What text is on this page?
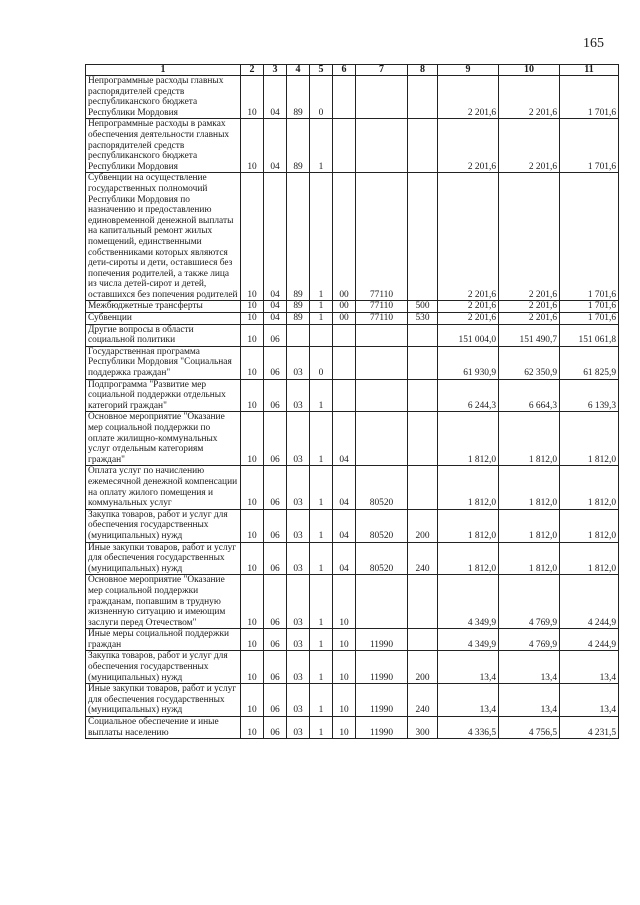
165
1	2	3	4	5	6	7	8	9	10	11
Непрограммные расходы главных распорядителей средств республиканского бюджета Республики Мордовия	10	04	89	0				2 201,6	2 201,6	1 701,6
Непрограммные расходы в рамках обеспечения деятельности главных распорядителей средств республиканского бюджета Республики Мордовия	10	04	89	1				2 201,6	2 201,6	1 701,6
Субвенции на осуществление государственных полномочий Республики Мордовия по назначению и предоставлению единовременной денежной выплаты на капитальный ремонт жилых помещений, единственными собственниками которых являются дети-сироты и дети, оставшиеся без попечения родителей, а также лица из числа детей-сирот и детей, оставшихся без попечения родителей	10	04	89	1	00	77110		2 201,6	2 201,6	1 701,6
Межбюджетные трансферты	10	04	89	1	00	77110	500	2 201,6	2 201,6	1 701,6
Субвенции	10	04	89	1	00	77110	530	2 201,6	2 201,6	1 701,6
Другие вопросы в области социальной политики	10	06						151 004,0	151 490,7	151 061,8
Государственная программа Республики Мордовия "Социальная поддержка граждан"	10	06	03	0				61 930,9	62 350,9	61 825,9
Подпрограмма "Развитие мер социальной поддержки отдельных категорий граждан"	10	06	03	1				6 244,3	6 664,3	6 139,3
Основное мероприятие "Оказание мер социальной поддержки по оплате жилищно-коммунальных услуг отдельным категориям граждан"	10	06	03	1	04			1 812,0	1 812,0	1 812,0
Оплата услуг по начислению ежемесячной денежной компенсации на оплату жилого помещения и коммунальных услуг	10	06	03	1	04	80520		1 812,0	1 812,0	1 812,0
Закупка товаров, работ и услуг для обеспечения государственных (муниципальных) нужд	10	06	03	1	04	80520	200	1 812,0	1 812,0	1 812,0
Иные закупки товаров, работ и услуг для обеспечения государственных (муниципальных) нужд	10	06	03	1	04	80520	240	1 812,0	1 812,0	1 812,0
Основное мероприятие "Оказание мер социальной поддержки гражданам, попавшим в трудную жизненную ситуацию и имеющим заслуги перед Отечеством"	10	06	03	1	10			4 349,9	4 769,9	4 244,9
Иные меры социальной поддержки граждан	10	06	03	1	10	11990		4 349,9	4 769,9	4 244,9
Закупка товаров, работ и услуг для обеспечения государственных (муниципальных) нужд	10	06	03	1	10	11990	200	13,4	13,4	13,4
Иные закупки товаров, работ и услуг для обеспечения государственных (муниципальных) нужд	10	06	03	1	10	11990	240	13,4	13,4	13,4
Социальное обеспечение и иные выплаты населению	10	06	03	1	10	11990	300	4 336,5	4 756,5	4 231,5
